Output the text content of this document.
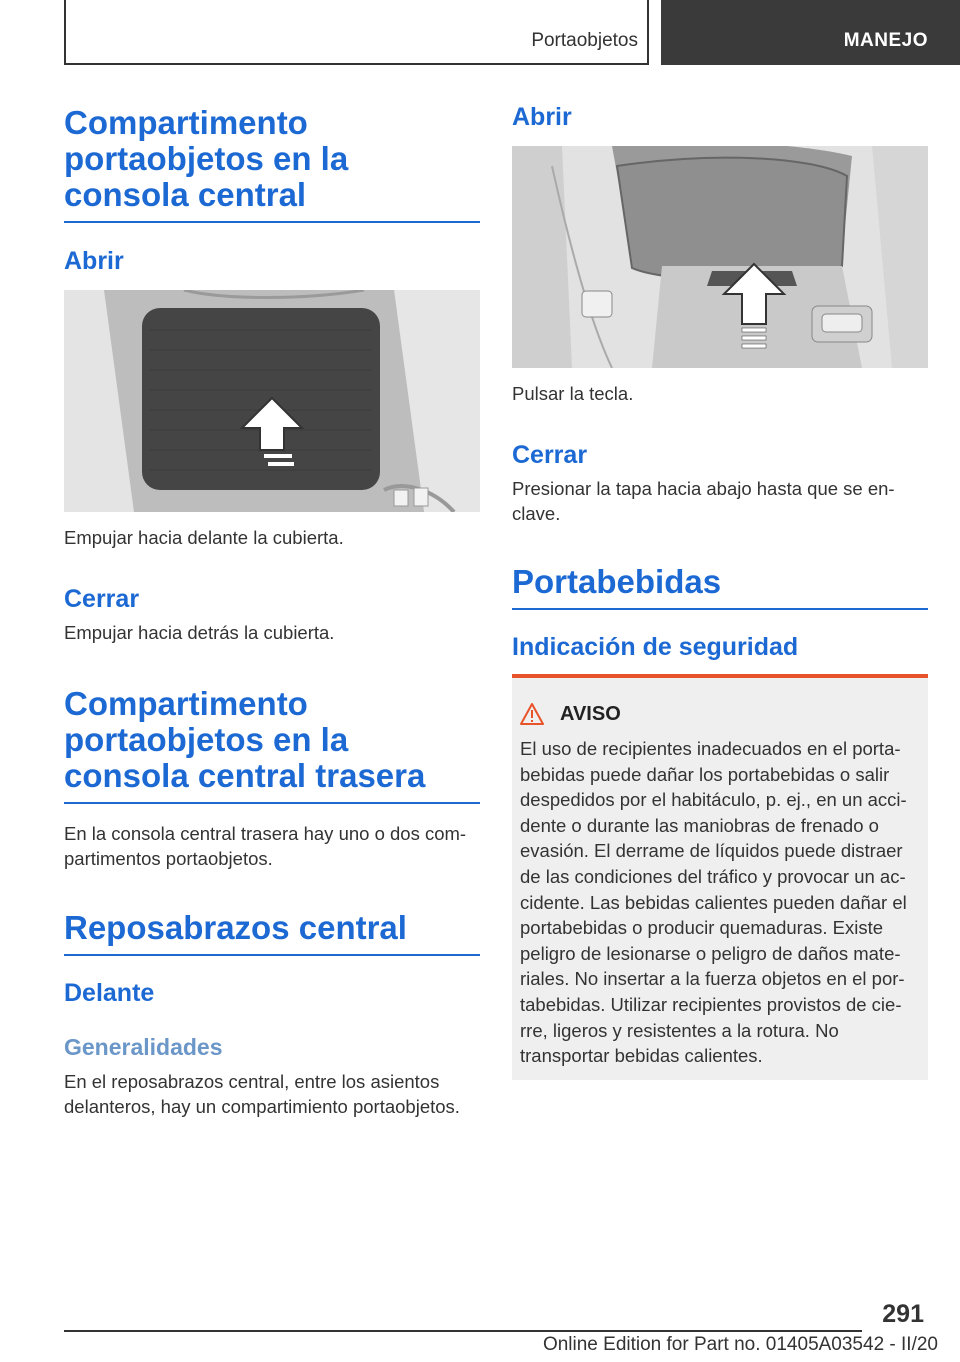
Portaobjetos	MANEJO
Compartimento portaobjetos en la consola central
Abrir
Empujar hacia delante la cubierta.
Cerrar
Empujar hacia detrás la cubierta.
Compartimento portaobjetos en la consola central trasera
En la consola central trasera hay uno o dos com-partimentos portaobjetos.
Reposabrazos central
Delante
Generalidades
En el reposabrazos central, entre los asientos delanteros, hay un compartimiento portaobjetos.
Abrir
Pulsar la tecla.
Cerrar
Presionar la tapa hacia abajo hasta que se en-clave.
Portabebidas
Indicación de seguridad
AVISO
El uso de recipientes inadecuados en el porta-bebidas puede dañar los portabebidas o salir despedidos por el habitáculo, p. ej., en un acci-dente o durante las maniobras de frenado o evasión. El derrame de líquidos puede distraer de las condiciones del tráfico y provocar un ac-cidente. Las bebidas calientes pueden dañar el portabebidas o producir quemaduras. Existe peligro de lesionarse o peligro de daños mate-riales. No insertar a la fuerza objetos en el por-tabebidas. Utilizar recipientes provistos de cie-rre, ligeros y resistentes a la rotura. No transportar bebidas calientes.
291
Online Edition for Part no. 01405A03542 - II/20
